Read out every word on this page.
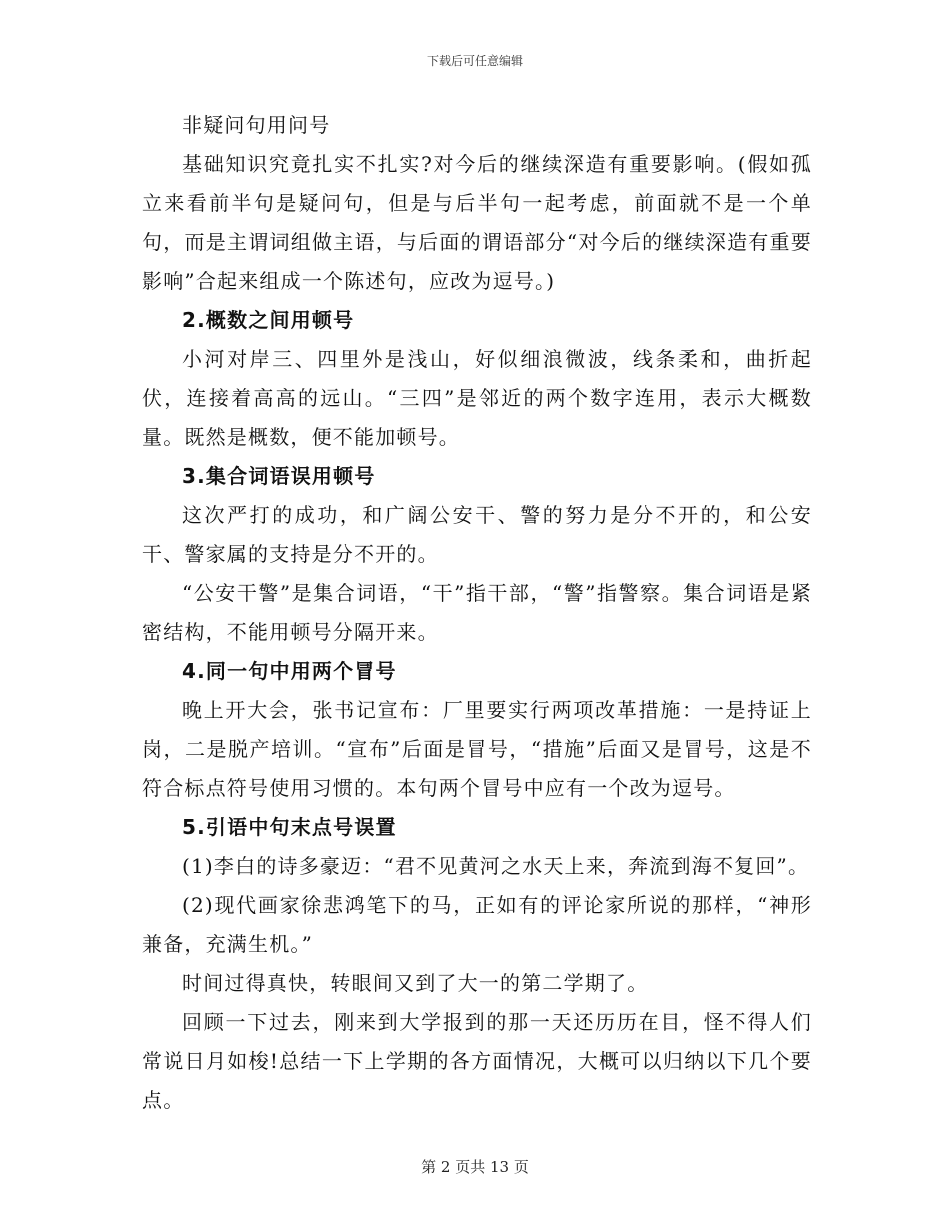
下载后可任意编辑

非疑问句用问号

基础知识究竟扎实不扎实?对今后的继续深造有重要影响。(假如孤立来看前半句是疑问句，但是与后半句一起考虑，前面就不是一个单句，而是主谓词组做主语，与后面的谓语部分“对今后的继续深造有重要影响”合起来组成一个陈述句，应改为逗号。)

2.概数之间用顿号

小河对岸三、四里外是浅山，好似细浪微波，线条柔和，曲折起伏，连接着高高的远山。“三四”是邻近的两个数字连用，表示大概数量。既然是概数，便不能加顿号。

3.集合词语误用顿号

这次严打的成功，和广阔公安干、警的努力是分不开的，和公安干、警家属的支持是分不开的。

“公安干警”是集合词语，“干”指干部，“警”指警察。集合词语是紧密结构，不能用顿号分隔开来。

4.同一句中用两个冒号

晚上开大会，张书记宣布：厂里要实行两项改革措施：一是持证上岗，二是脱产培训。“宣布”后面是冒号，“措施”后面又是冒号，这是不符合标点符号使用习惯的。本句两个冒号中应有一个改为逗号。

5.引语中句末点号误置

(1)李白的诗多豪迈：“君不见黄河之水天上来，奔流到海不复回”。

(2)现代画家徐悲鸿笔下的马，正如有的评论家所说的那样，“神形兼备，充满生机。”

时间过得真快，转眼间又到了大一的第二学期了。

回顾一下过去，刚来到大学报到的那一天还历历在目，怪不得人们常说日月如梭!总结一下上学期的各方面情况，大概可以归纳以下几个要点。

第 2 页共 13 页
